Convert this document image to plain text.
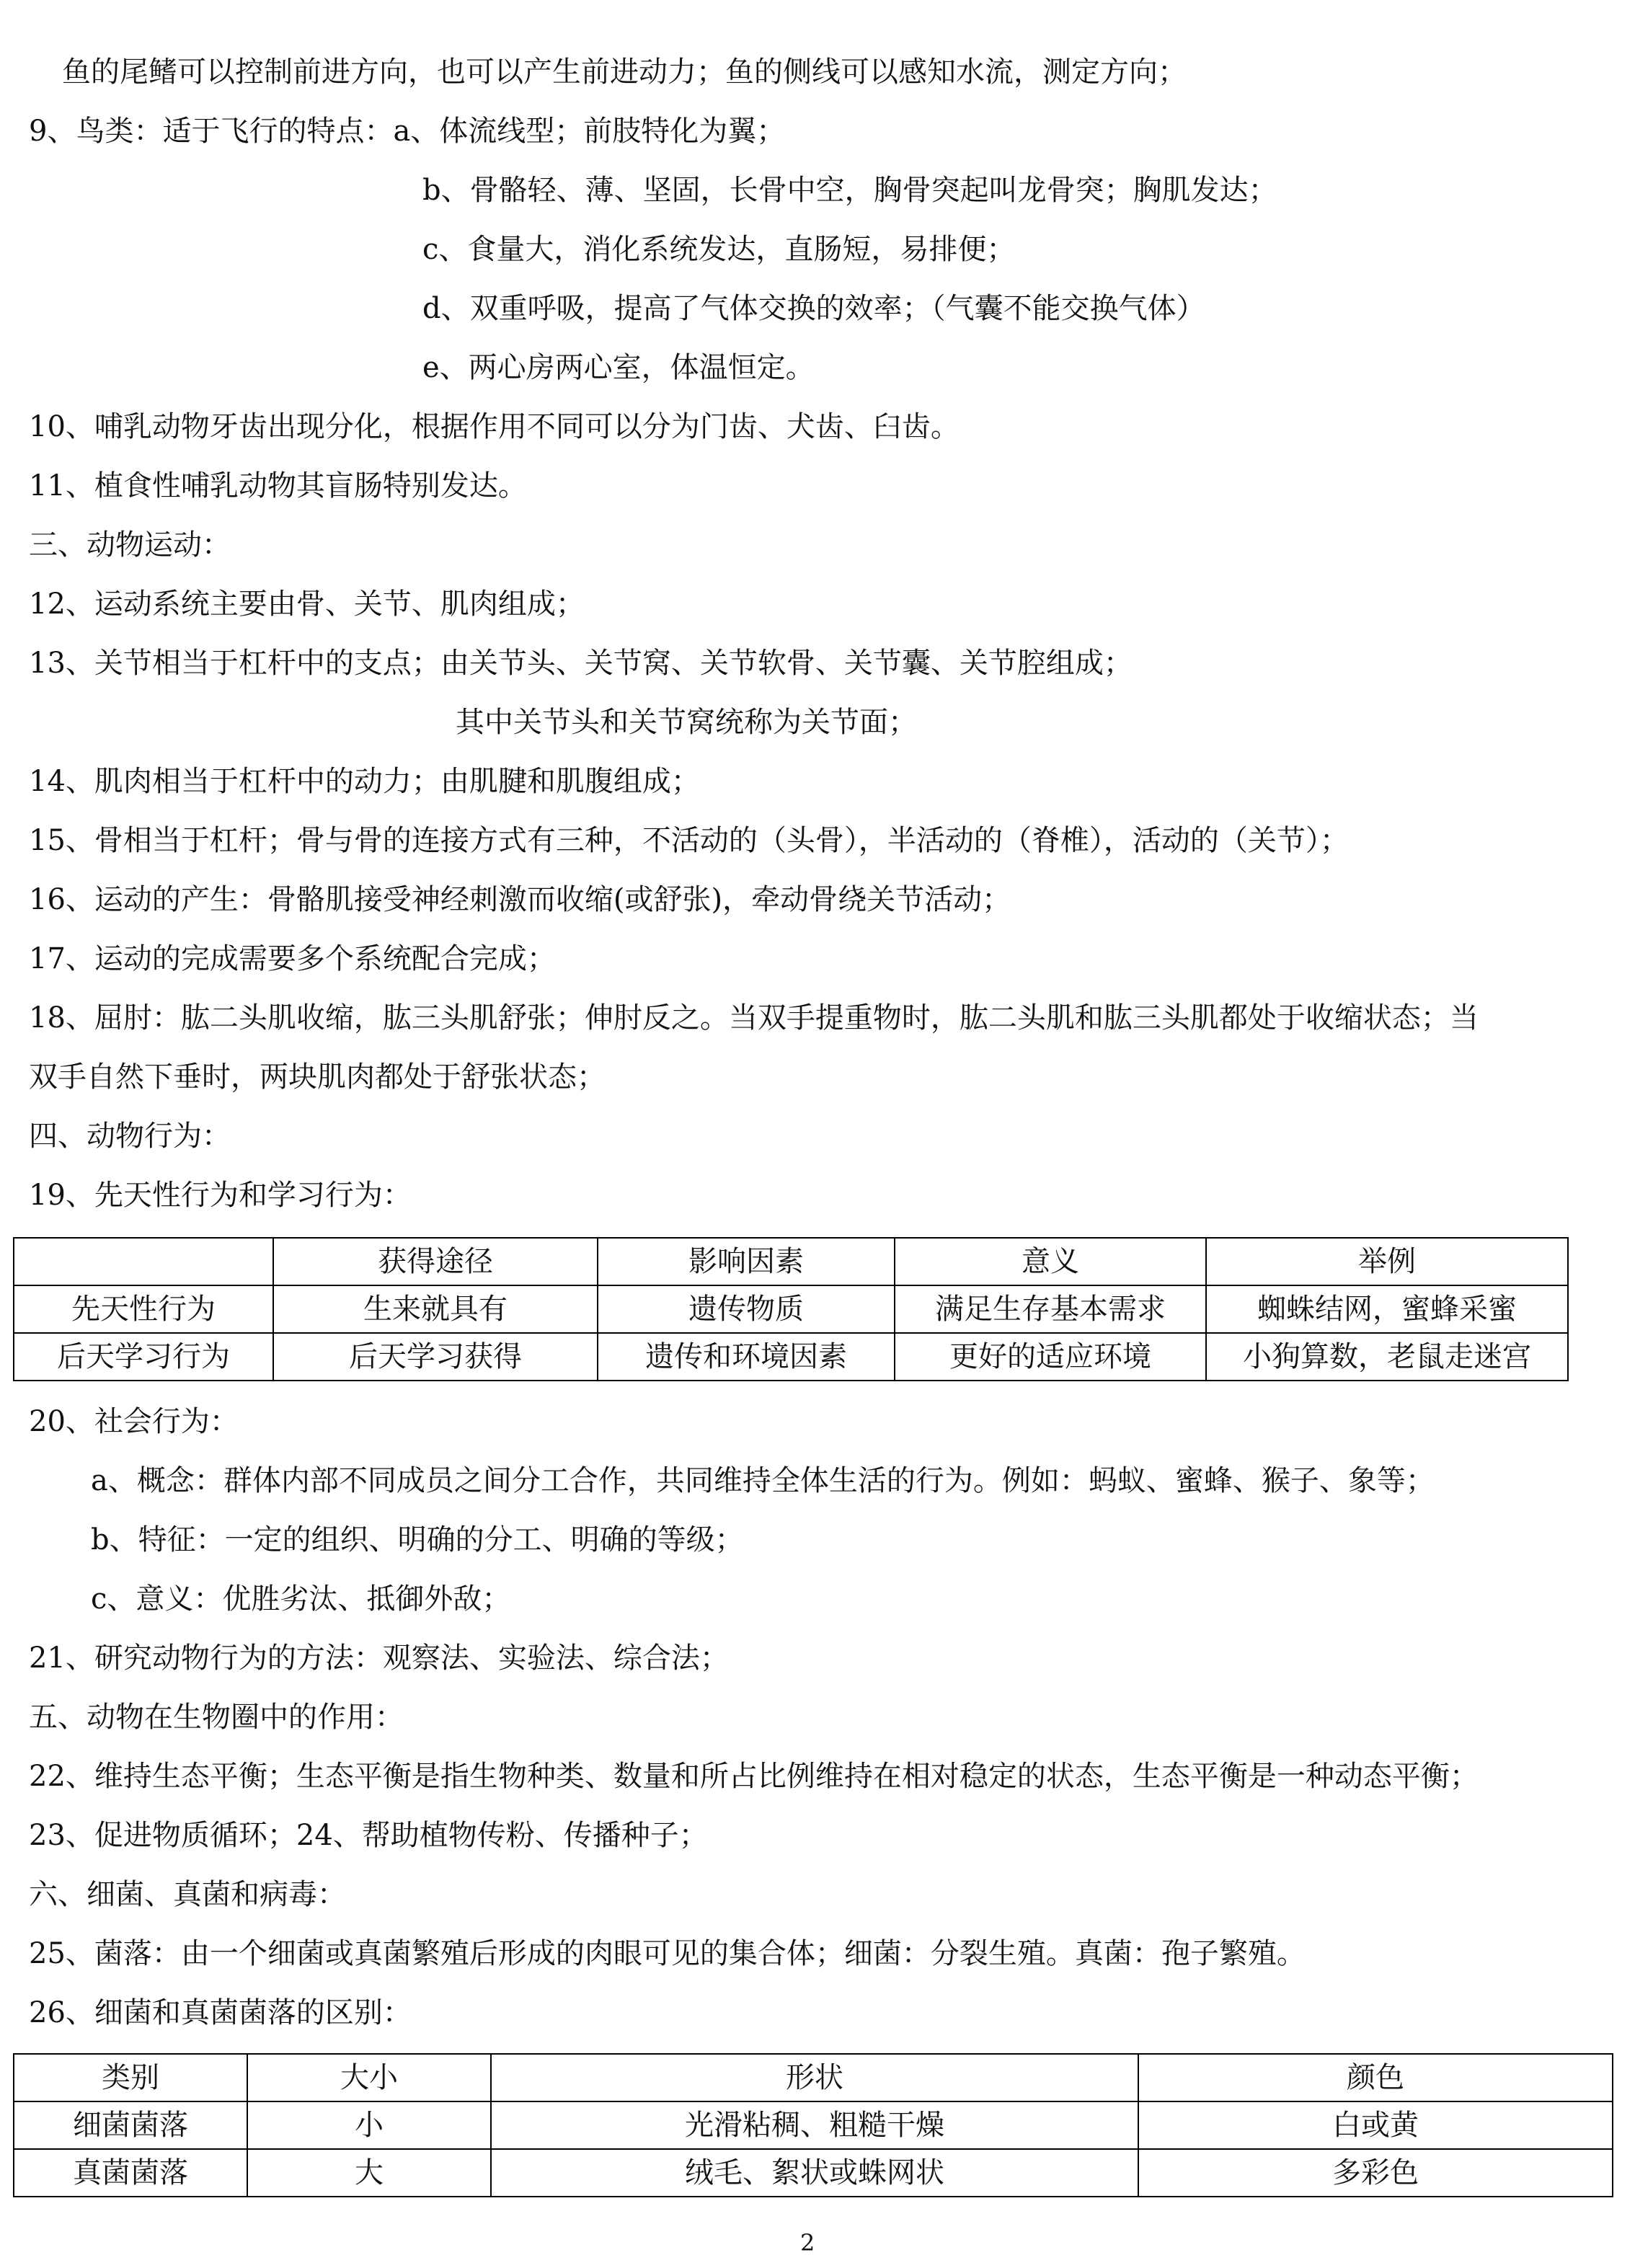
鱼的尾鳍可以控制前进方向，也可以产生前进动力；鱼的侧线可以感知水流，测定方向；
9、鸟类：适于飞行的特点：a、体流线型；前肢特化为翼；
b、骨骼轻、薄、坚固，长骨中空，胸骨突起叫龙骨突；胸肌发达；
c、食量大，消化系统发达，直肠短，易排便；
d、双重呼吸，提高了气体交换的效率；（气囊不能交换气体）
e、两心房两心室，体温恒定。
10、哺乳动物牙齿出现分化，根据作用不同可以分为门齿、犬齿、臼齿。
11、植食性哺乳动物其盲肠特别发达。
三、动物运动：
12、运动系统主要由骨、关节、肌肉组成；
13、关节相当于杠杆中的支点；由关节头、关节窝、关节软骨、关节囊、关节腔组成；
其中关节头和关节窝统称为关节面；
14、肌肉相当于杠杆中的动力；由肌腱和肌腹组成；
15、骨相当于杠杆；骨与骨的连接方式有三种，不活动的（头骨），半活动的（脊椎），活动的（关节）；
16、运动的产生：骨骼肌接受神经刺激而收缩(或舒张)，牵动骨绕关节活动；
17、运动的完成需要多个系统配合完成；
18、屈肘：肱二头肌收缩，肱三头肌舒张；伸肘反之。当双手提重物时，肱二头肌和肱三头肌都处于收缩状态；当
双手自然下垂时，两块肌肉都处于舒张状态；
四、动物行为：
19、先天性行为和学习行为：
	获得途径	影响因素	意义	举例
先天性行为	生来就具有	遗传物质	满足生存基本需求	蜘蛛结网，蜜蜂采蜜
后天学习行为	后天学习获得	遗传和环境因素	更好的适应环境	小狗算数，老鼠走迷宫
20、社会行为：
a、概念：群体内部不同成员之间分工合作，共同维持全体生活的行为。例如：蚂蚁、蜜蜂、猴子、象等；
b、特征：一定的组织、明确的分工、明确的等级；
c、意义：优胜劣汰、抵御外敌；
21、研究动物行为的方法：观察法、实验法、综合法；
五、动物在生物圈中的作用：
22、维持生态平衡；生态平衡是指生物种类、数量和所占比例维持在相对稳定的状态，生态平衡是一种动态平衡；
23、促进物质循环；24、帮助植物传粉、传播种子；
六、细菌、真菌和病毒：
25、菌落：由一个细菌或真菌繁殖后形成的肉眼可见的集合体；细菌：分裂生殖。真菌：孢子繁殖。
26、细菌和真菌菌落的区别：
类别	大小	形状	颜色
细菌菌落	小	光滑粘稠、粗糙干燥	白或黄
真菌菌落	大	绒毛、絮状或蛛网状	多彩色
2
